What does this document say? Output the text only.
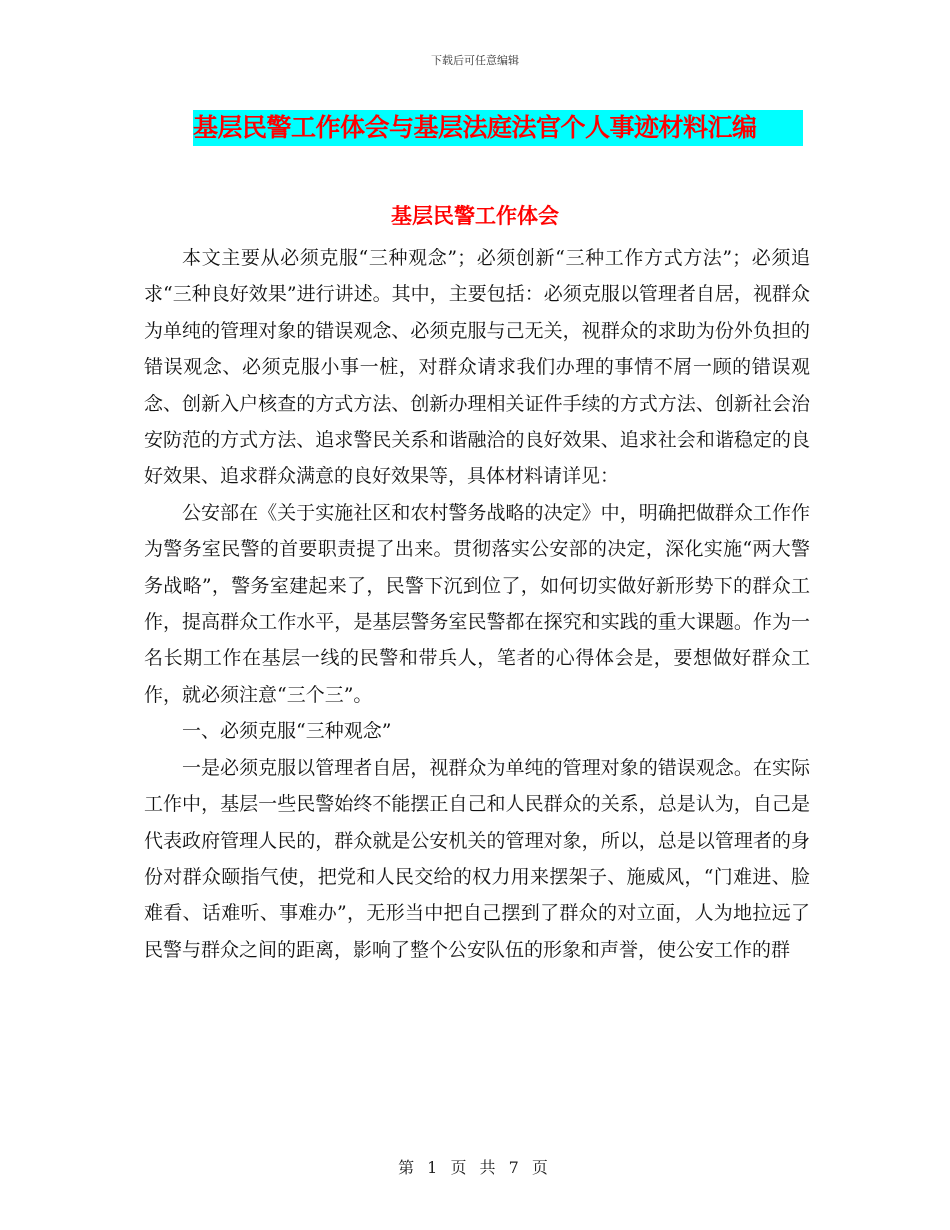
下载后可任意编辑
基层民警工作体会与基层法庭法官个人事迹材料汇编
基层民警工作体会

本文主要从必须克服“三种观念”；必须创新“三种工作方式方法”；必须追求“三种良好效果”进行讲述。其中，主要包括：必须克服以管理者自居，视群众为单纯的管理对象的错误观念、必须克服与己无关，视群众的求助为份外负担的错误观念、必须克服小事一桩，对群众请求我们办理的事情不屑一顾的错误观念、创新入户核查的方式方法、创新办理相关证件手续的方式方法、创新社会治安防范的方式方法、追求警民关系和谐融洽的良好效果、追求社会和谐稳定的良好效果、追求群众满意的良好效果等，具体材料请详见：

公安部在《关于实施社区和农村警务战略的决定》中，明确把做群众工作作为警务室民警的首要职责提了出来。贯彻落实公安部的决定，深化实施“两大警务战略”，警务室建起来了，民警下沉到位了，如何切实做好新形势下的群众工作，提高群众工作水平，是基层警务室民警都在探究和实践的重大课题。作为一名长期工作在基层一线的民警和带兵人，笔者的心得体会是，要想做好群众工作，就必须注意“三个三”。

一、必须克服“三种观念”

一是必须克服以管理者自居，视群众为单纯的管理对象的错误观念。在实际工作中，基层一些民警始终不能摆正自己和人民群众的关系，总是认为，自己是代表政府管理人民的，群众就是公安机关的管理对象，所以，总是以管理者的身份对群众颐指气使，把党和人民交给的权力用来摆架子、施威风，“门难进、脸难看、话难听、事难办”，无形当中把自己摆到了群众的对立面，人为地拉远了民警与群众之间的距离，影响了整个公安队伍的形象和声誉，使公安工作的群

第 1 页 共 7 页
